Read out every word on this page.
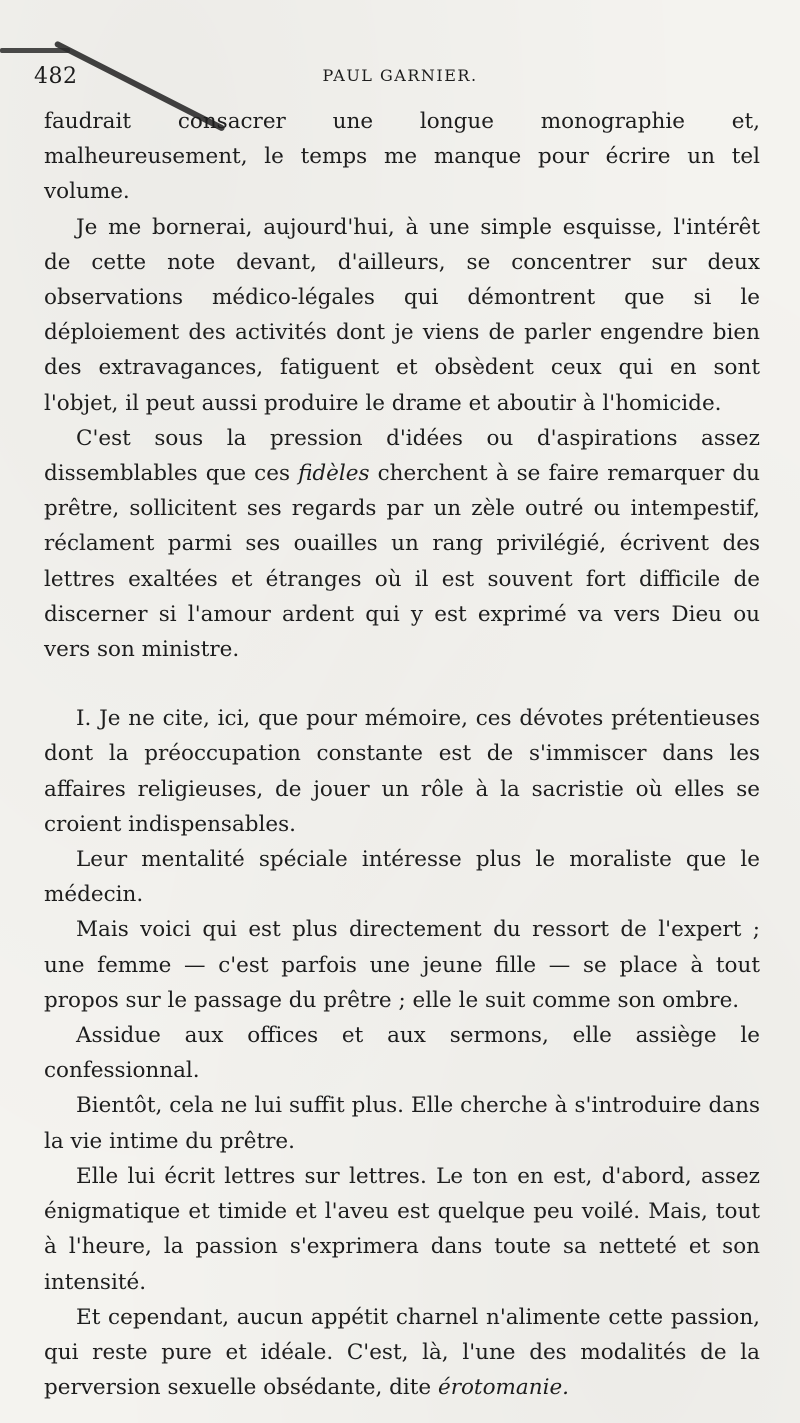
482	PAUL GARNIER.

faudrait consacrer une longue monographie et, malheureusement, le temps me manque pour écrire un tel volume.

Je me bornerai, aujourd'hui, à une simple esquisse, l'intérêt de cette note devant, d'ailleurs, se concentrer sur deux observations médico-légales qui démontrent que si le déploiement des activités dont je viens de parler engendre bien des extravagances, fatiguent et obsèdent ceux qui en sont l'objet, il peut aussi produire le drame et aboutir à l'homicide.

C'est sous la pression d'idées ou d'aspirations assez dissemblables que ces fidèles cherchent à se faire remarquer du prêtre, sollicitent ses regards par un zèle outré ou intempestif, réclament parmi ses ouailles un rang privilégié, écrivent des lettres exaltées et étranges où il est souvent fort difficile de discerner si l'amour ardent qui y est exprimé va vers Dieu ou vers son ministre.

I. Je ne cite, ici, que pour mémoire, ces dévotes prétentieuses dont la préoccupation constante est de s'immiscer dans les affaires religieuses, de jouer un rôle à la sacristie où elles se croient indispensables.

Leur mentalité spéciale intéresse plus le moraliste que le médecin.

Mais voici qui est plus directement du ressort de l'expert ; une femme — c'est parfois une jeune fille — se place à tout propos sur le passage du prêtre ; elle le suit comme son ombre.

Assidue aux offices et aux sermons, elle assiège le confessionnal.

Bientôt, cela ne lui suffit plus. Elle cherche à s'introduire dans la vie intime du prêtre.

Elle lui écrit lettres sur lettres. Le ton en est, d'abord, assez énigmatique et timide et l'aveu est quelque peu voilé. Mais, tout à l'heure, la passion s'exprimera dans toute sa netteté et son intensité.

Et cependant, aucun appétit charnel n'alimente cette passion, qui reste pure et idéale. C'est, là, l'une des modalités de la perversion sexuelle obsédante, dite érotomanie.
